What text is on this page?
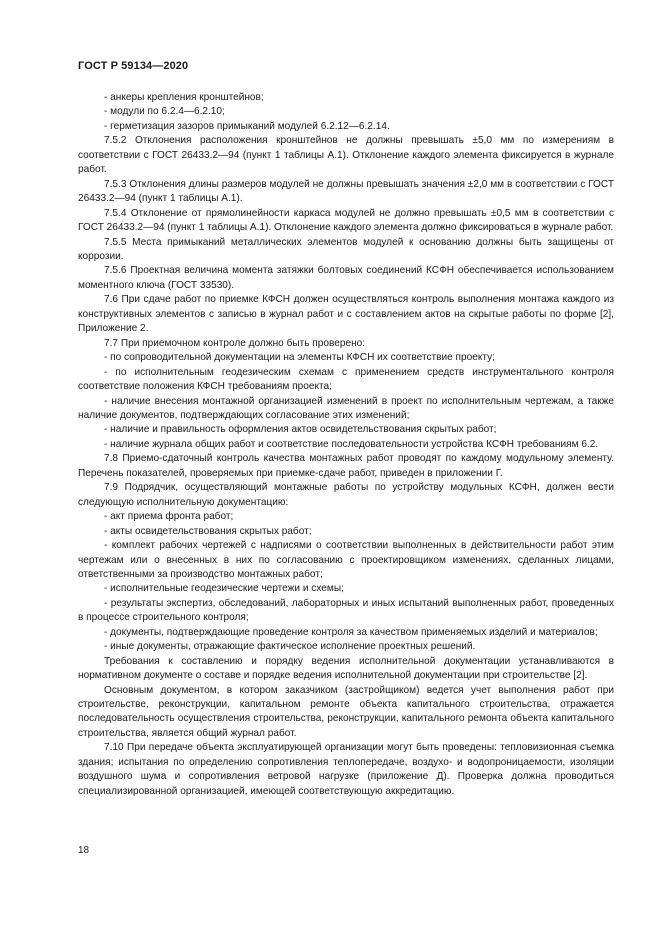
ГОСТ Р 59134—2020

- анкеры крепления кронштейнов;

- модули по 6.2.4—6.2.10;

- герметизация зазоров примыканий модулей 6.2.12—6.2.14.

7.5.2 Отклонения расположения кронштейнов не должны превышать ±5,0 мм по измерениям в соответствии с ГОСТ 26433.2—94 (пункт 1 таблицы А.1). Отклонение каждого элемента фиксируется в журнале работ.

7.5.3 Отклонения длины размеров модулей не должны превышать значения ±2,0 мм в соответствии с ГОСТ 26433.2—94 (пункт 1 таблицы А.1).

7.5.4 Отклонение от прямолинейности каркаса модулей не должно превышать ±0,5 мм в соответствии с ГОСТ 26433.2—94 (пункт 1 таблицы А.1). Отклонение каждого элемента должно фиксироваться в журнале работ.

7.5.5 Места примыканий металлических элементов модулей к основанию должны быть защищены от коррозии.

7.5.6 Проектная величина момента затяжки болтовых соединений КСФН обеспечивается использованием моментного ключа (ГОСТ 33530).

7.6 При сдаче работ по приемке КФСН должен осуществляться контроль выполнения монтажа каждого из конструктивных элементов с записью в журнал работ и с составлением актов на скрытые работы по форме [2], Приложение 2.

7.7 При приемочном контроле должно быть проверено:

- по сопроводительной документации на элементы КФСН их соответствие проекту;

- по исполнительным геодезическим схемам с применением средств инструментального контроля соответствие положения КФСН требованиям проекта;

- наличие внесения монтажной организацией изменений в проект по исполнительным чертежам, а также наличие документов, подтверждающих согласование этих изменений;

- наличие и правильность оформления актов освидетельствования скрытых работ;

- наличие журнала общих работ и соответствие последовательности устройства КСФН требованиям 6.2.

7.8 Приемо-сдаточный контроль качества монтажных работ проводят по каждому модульному элементу. Перечень показателей, проверяемых при приемке-сдаче работ, приведен в приложении Г.

7.9 Подрядчик, осуществляющий монтажные работы по устройству модульных КСФН, должен вести следующую исполнительную документацию:

- акт приема фронта работ;

- акты освидетельствования скрытых работ;

- комплект рабочих чертежей с надписями о соответствии выполненных в действительности работ этим чертежам или о внесенных в них по согласованию с проектировщиком изменениях, сделанных лицами, ответственными за производство монтажных работ;

- исполнительные геодезические чертежи и схемы;

- результаты экспертиз, обследований, лабораторных и иных испытаний выполненных работ, проведенных в процессе строительного контроля;

- документы, подтверждающие проведение контроля за качеством применяемых изделий и материалов;

- иные документы, отражающие фактическое исполнение проектных решений.

Требования к составлению и порядку ведения исполнительной документации устанавливаются в нормативном документе о составе и порядке ведения исполнительной документации при строительстве [2].

Основным документом, в котором заказчиком (застройщиком) ведется учет выполнения работ при строительстве, реконструкции, капитальном ремонте объекта капитального строительства, отражается последовательность осуществления строительства, реконструкции, капитального ремонта объекта капитального строительства, является общий журнал работ.

7.10 При передаче объекта эксплуатирующей организации могут быть проведены: тепловизионная съемка здания; испытания по определению сопротивления теплопередаче, воздухо- и водопроницаемости, изоляции воздушного шума и сопротивления ветровой нагрузке (приложение Д). Проверка должна проводиться специализированной организацией, имеющей соответствующую аккредитацию.

18
